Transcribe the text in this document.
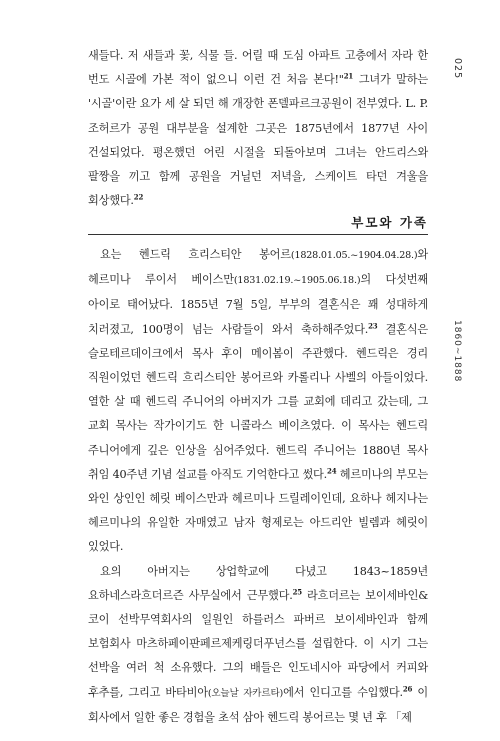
025
1860~1888

새들다. 저 새들과 꽃, 식물 들. 어릴 때 도심 아파트 고층에서 자라 한 번도 시골에 가본 적이 없으니 이런 건 처음 본다!"$^{21}$ 그녀가 말하는 '시골'이란 요가 세 살 되던 해 개장한 폰델파르크공원이 전부였다. L. P. 조허르가 공원 대부분을 설계한 그곳은 1875년에서 1877년 사이 건설되었다. 평온했던 어린 시절을 되돌아보며 그녀는 안드리스와 팔짱을 끼고 함께 공원을 거닐던 저녁을, 스케이트 타던 겨울을 회상했다.$^{22}$

부모와 가족

요는 헨드릭 흐리스티안 봉어르(1828.01.05.~1904.04.28.)와 헤르미나 루이서 베이스만(1831.02.19.~1905.06.18.)의 다섯번째 아이로 태어났다. 1855년 7월 5일, 부부의 결혼식은 꽤 성대하게 치러졌고, 100명이 넘는 사람들이 와서 축하해주었다.$^{23}$ 결혼식은 슬로테르데이크에서 목사 후이 메이봄이 주관했다. 헨드릭은 경리 직원이었던 헨드릭 흐리스티안 봉어르와 카롤리나 사벨의 아들이었다. 열한 살 때 헨드릭 주니어의 아버지가 그를 교회에 데리고 갔는데, 그 교회 목사는 작가이기도 한 니콜라스 베이츠였다. 이 목사는 헨드릭 주니어에게 깊은 인상을 심어주었다. 헨드릭 주니어는 1880년 목사 취임 40주년 기념 설교를 아직도 기억한다고 썼다.$^{24}$ 헤르미나의 부모는 와인 상인인 헤릿 베이스만과 헤르미나 드릴레이인데, 요하나 헤지나는 헤르미나의 유일한 자매였고 남자 형제로는 아드리안 빌렘과 헤릿이 있었다.

요의 아버지는 상업학교에 다녔고 1843~1859년 요하네스라흐더르즌 사무실에서 근무했다.$^{25}$ 라흐더르는 보이세바인&코이 선박무역회사의 일원인 하를러스 파버르 보이세바인과 함께 보험회사 마츠하페이판페르제케링더푸넌스를 설립한다. 이 시기 그는 선박을 여러 척 소유했다. 그의 배들은 인도네시아 파당에서 커피와 후추를, 그리고 바타비아(오늘날 자카르타)에서 인디고를 수입했다.$^{26}$ 이 회사에서 일한 좋은 경험을 초석 삼아 헨드릭 봉어르는 몇 년 후 「제
